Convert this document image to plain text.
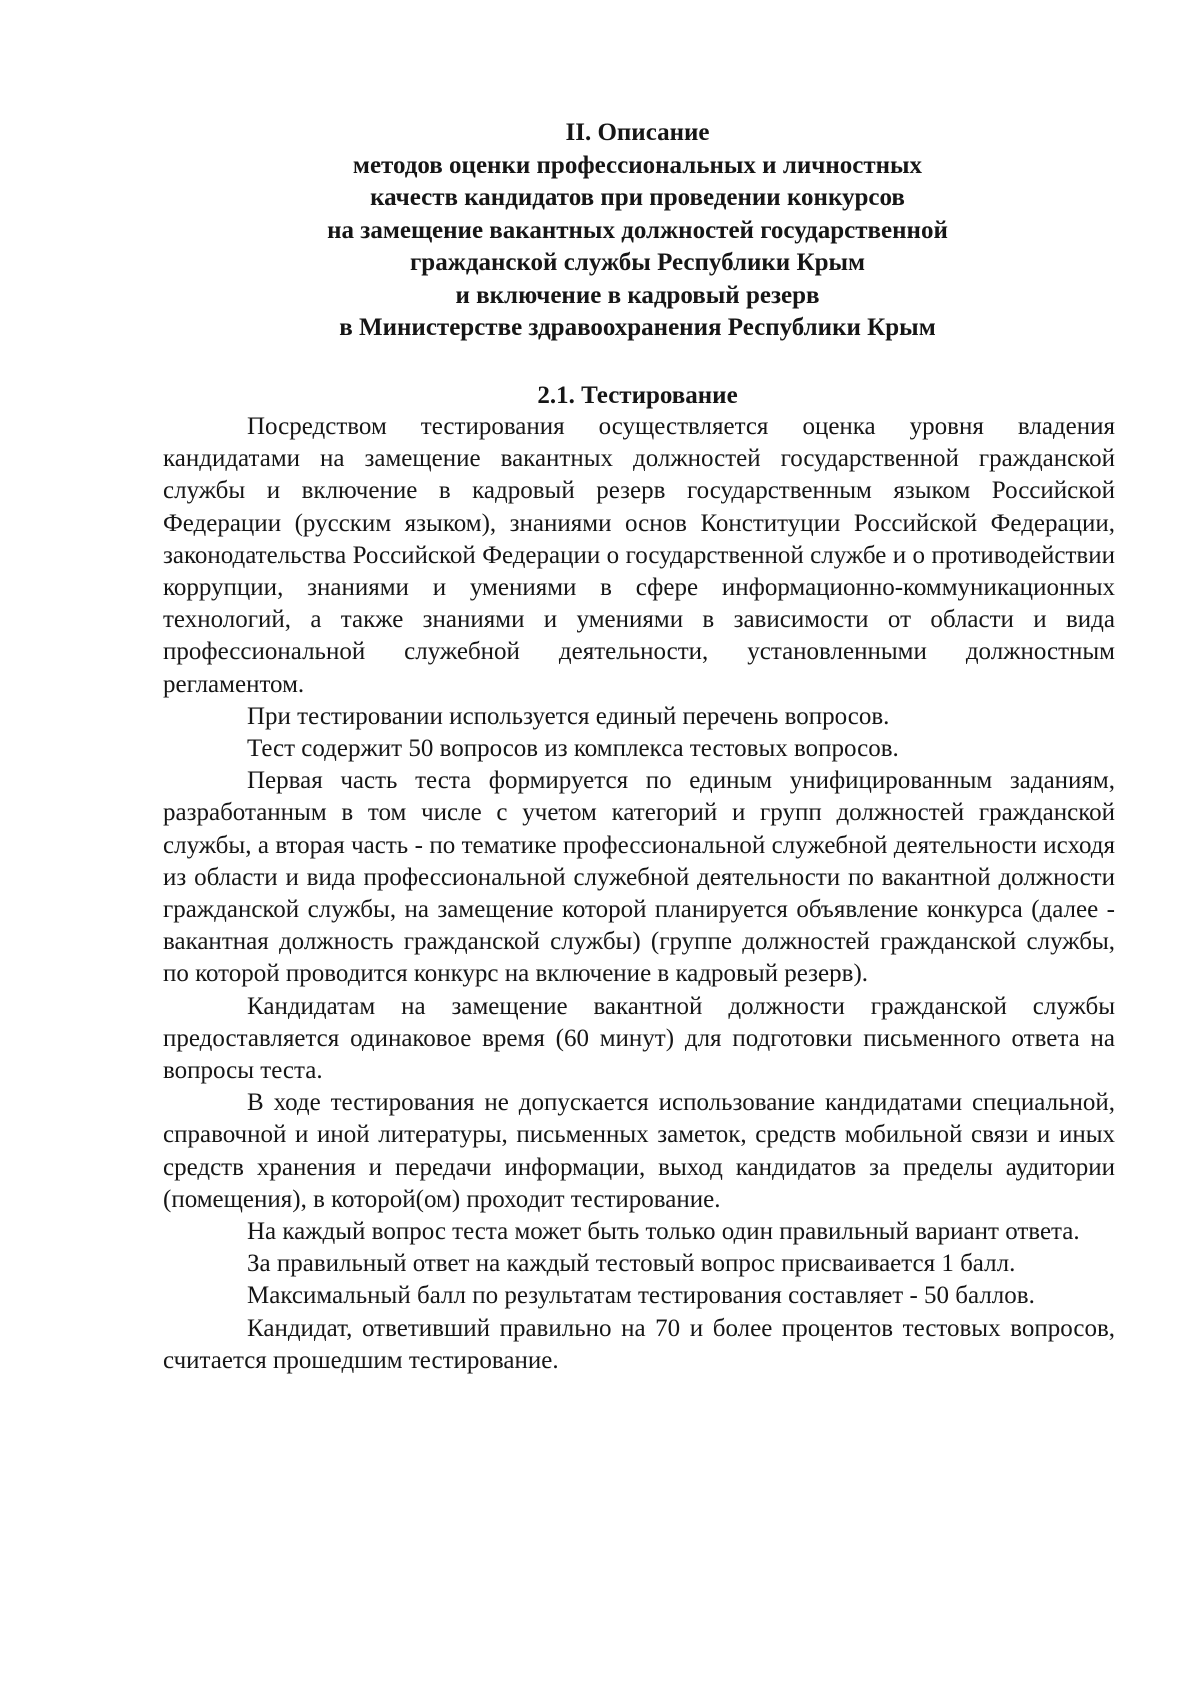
II. Описание
методов оценки профессиональных и личностных
качеств кандидатов при проведении конкурсов
на замещение вакантных должностей государственной
гражданской службы Республики Крым
и включение в кадровый резерв
в Министерстве здравоохранения Республики Крым
2.1. Тестирование

Посредством тестирования осуществляется оценка уровня владения кандидатами на замещение вакантных должностей государственной гражданской службы и включение в кадровый резерв государственным языком Российской Федерации (русским языком), знаниями основ Конституции Российской Федерации, законодательства Российской Федерации о государственной службе и о противодействии коррупции, знаниями и умениями в сфере информационно-коммуникационных технологий, а также знаниями и умениями в зависимости от области и вида профессиональной служебной деятельности, установленными должностным регламентом.

При тестировании используется единый перечень вопросов.

Тест содержит 50 вопросов из комплекса тестовых вопросов.

Первая часть теста формируется по единым унифицированным заданиям, разработанным в том числе с учетом категорий и групп должностей гражданской службы, а вторая часть - по тематике профессиональной служебной деятельности исходя из области и вида профессиональной служебной деятельности по вакантной должности гражданской службы, на замещение которой планируется объявление конкурса (далее - вакантная должность гражданской службы) (группе должностей гражданской службы, по которой проводится конкурс на включение в кадровый резерв).

Кандидатам на замещение вакантной должности гражданской службы предоставляется одинаковое время (60 минут) для подготовки письменного ответа на вопросы теста.

В ходе тестирования не допускается использование кандидатами специальной, справочной и иной литературы, письменных заметок, средств мобильной связи и иных средств хранения и передачи информации, выход кандидатов за пределы аудитории (помещения), в которой(ом) проходит тестирование.

На каждый вопрос теста может быть только один правильный вариант ответа.

За правильный ответ на каждый тестовый вопрос присваивается 1 балл.

Максимальный балл по результатам тестирования составляет - 50 баллов.

Кандидат, ответивший правильно на 70 и более процентов тестовых вопросов, считается прошедшим тестирование.
